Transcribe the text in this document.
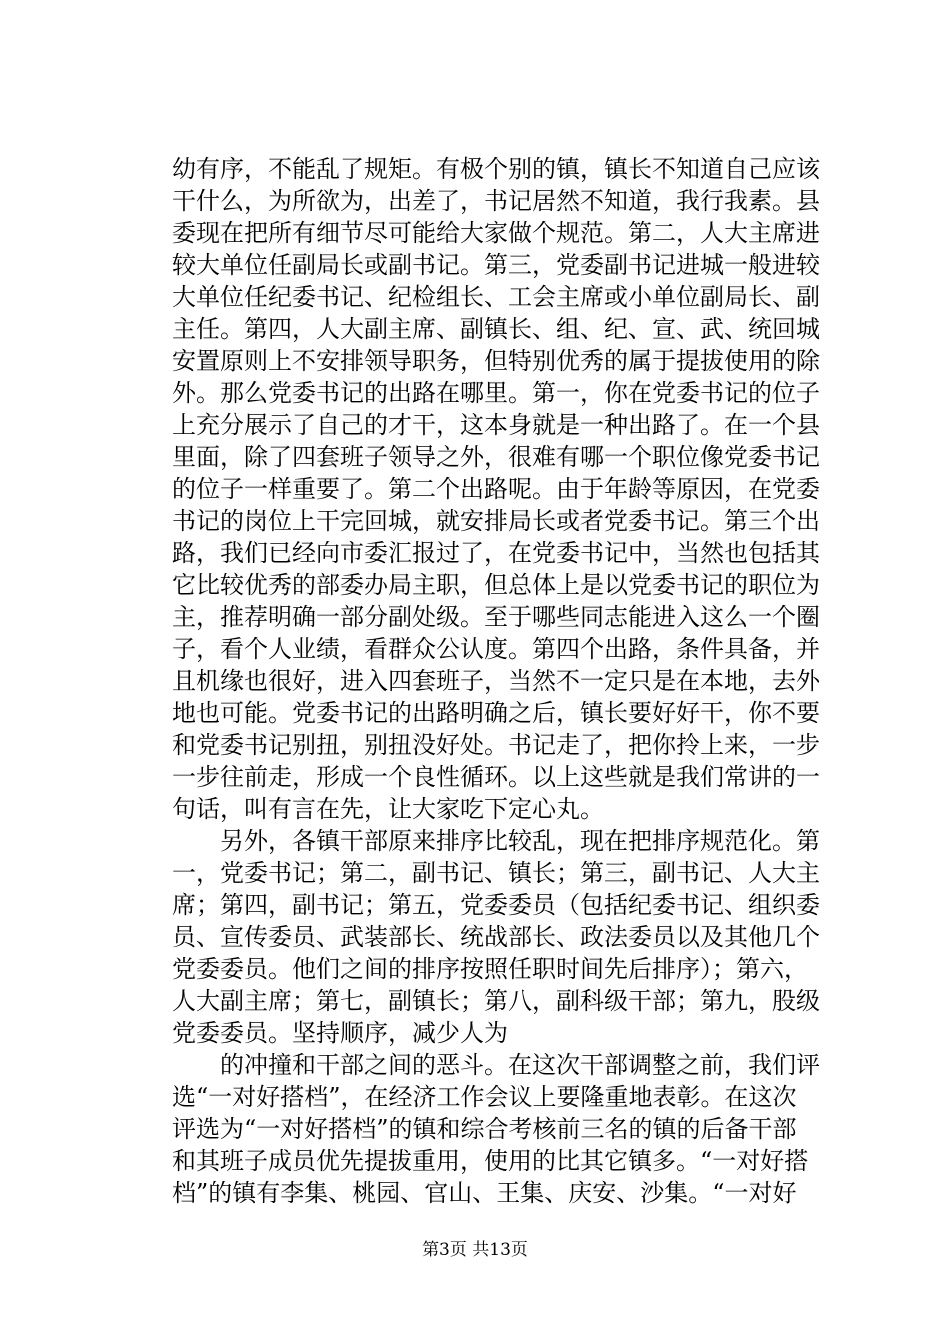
幼有序，不能乱了规矩。有极个别的镇，镇长不知道自己应该
干什么，为所欲为，出差了，书记居然不知道，我行我素。县
委现在把所有细节尽可能给大家做个规范。第二，人大主席进
较大单位任副局长或副书记。第三，党委副书记进城一般进较
大单位任纪委书记、纪检组长、工会主席或小单位副局长、副
主任。第四，人大副主席、副镇长、组、纪、宣、武、统回城
安置原则上不安排领导职务，但特别优秀的属于提拔使用的除
外。那么党委书记的出路在哪里。第一，你在党委书记的位子
上充分展示了自己的才干，这本身就是一种出路了。在一个县
里面，除了四套班子领导之外，很难有哪一个职位像党委书记
的位子一样重要了。第二个出路呢。由于年龄等原因，在党委
书记的岗位上干完回城，就安排局长或者党委书记。第三个出
路，我们已经向市委汇报过了，在党委书记中，当然也包括其
它比较优秀的部委办局主职，但总体上是以党委书记的职位为
主，推荐明确一部分副处级。至于哪些同志能进入这么一个圈
子，看个人业绩，看群众公认度。第四个出路，条件具备，并
且机缘也很好，进入四套班子，当然不一定只是在本地，去外
地也可能。党委书记的出路明确之后，镇长要好好干，你不要
和党委书记别扭，别扭没好处。书记走了，把你拎上来，一步
一步往前走，形成一个良性循环。以上这些就是我们常讲的一
句话，叫有言在先，让大家吃下定心丸。
　　另外，各镇干部原来排序比较乱，现在把排序规范化。第
一，党委书记；第二，副书记、镇长；第三，副书记、人大主
席；第四，副书记；第五，党委委员（包括纪委书记、组织委
员、宣传委员、武装部长、统战部长、政法委员以及其他几个
党委委员。他们之间的排序按照任职时间先后排序）；第六，
人大副主席；第七，副镇长；第八，副科级干部；第九，股级
党委委员。坚持顺序，减少人为
　　的冲撞和干部之间的恶斗。在这次干部调整之前，我们评
选“一对好搭档”，在经济工作会议上要隆重地表彰。在这次
评选为“一对好搭档”的镇和综合考核前三名的镇的后备干部
和其班子成员优先提拔重用，使用的比其它镇多。“一对好搭
档”的镇有李集、桃园、官山、王集、庆安、沙集。“一对好
第3页 共13页
